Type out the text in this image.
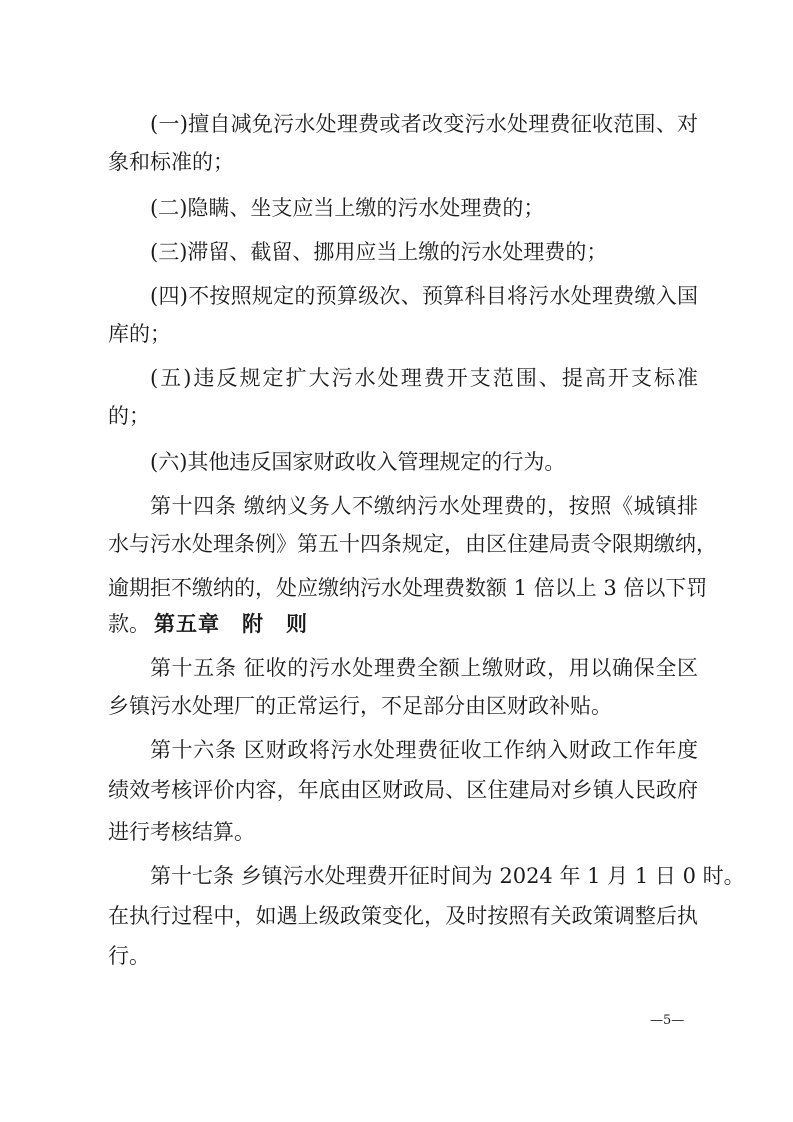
(一)擅自减免污水处理费或者改变污水处理费征收范围、对
象和标准的；
(二)隐瞒、坐支应当上缴的污水处理费的；
(三)滞留、截留、挪用应当上缴的污水处理费的；
(四)不按照规定的预算级次、预算科目将污水处理费缴入国
库的；
(五)违反规定扩大污水处理费开支范围、提高开支标准
的；
(六)其他违反国家财政收入管理规定的行为。
第十四条 缴纳义务人不缴纳污水处理费的，按照《城镇排
水与污水处理条例》第五十四条规定，由区住建局责令限期缴纳，
逾期拒不缴纳的，处应缴纳污水处理费数额 1 倍以上 3 倍以下罚
款。 第五章　附　则
第十五条 征收的污水处理费全额上缴财政，用以确保全区
乡镇污水处理厂的正常运行，不足部分由区财政补贴。
第十六条 区财政将污水处理费征收工作纳入财政工作年度
绩效考核评价内容，年底由区财政局、区住建局对乡镇人民政府
进行考核结算。
第十七条 乡镇污水处理费开征时间为 2024 年 1 月 1 日 0 时。
在执行过程中，如遇上级政策变化，及时按照有关政策调整后执
行。
—5—
